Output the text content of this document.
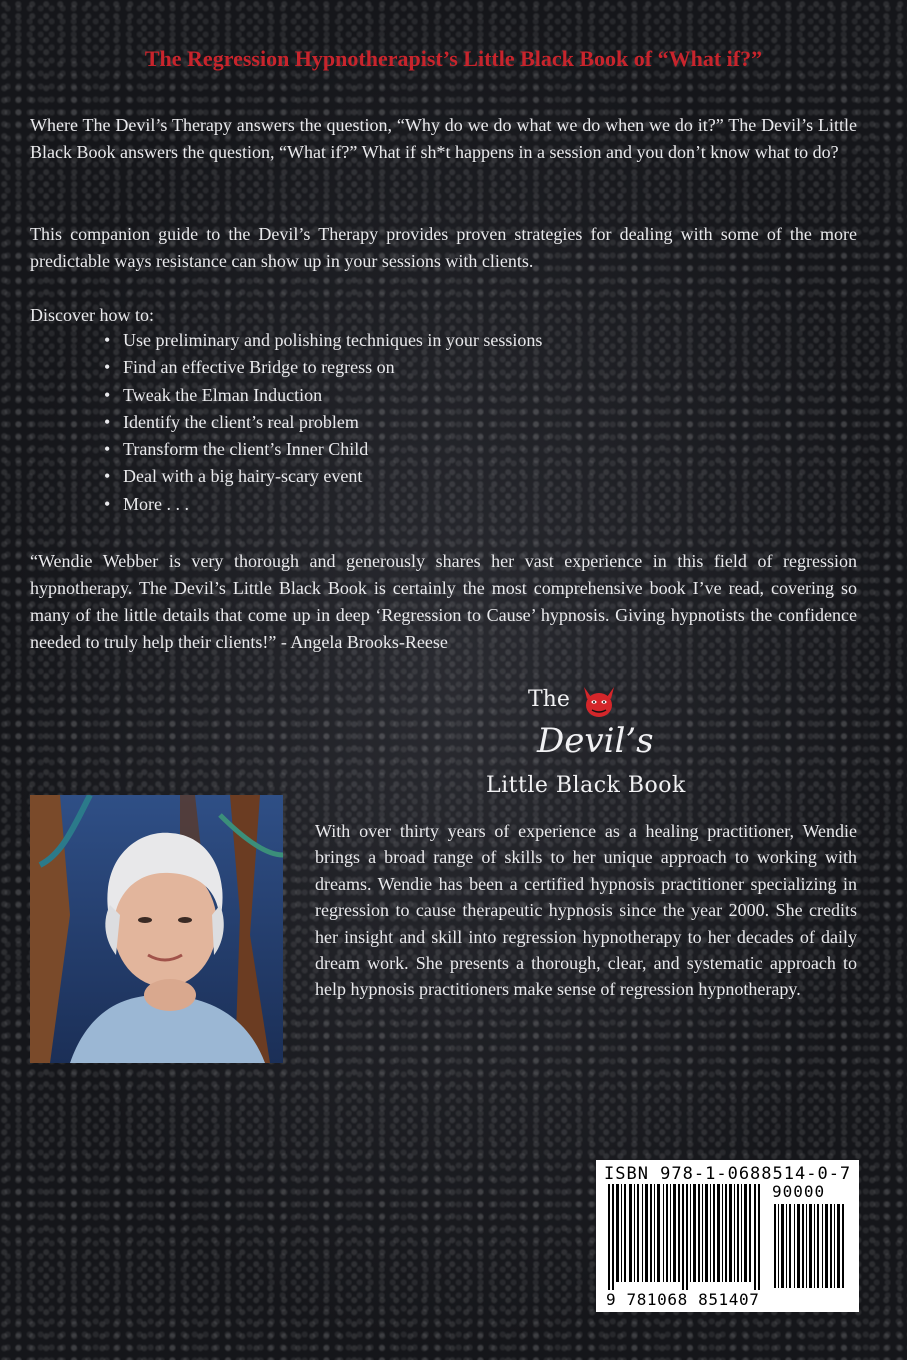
The Regression Hypnotherapist’s Little Black Book of “What if?”

Where The Devil’s Therapy answers the question, “Why do we do what we do when we do it?” The Devil’s Little Black Book answers the question, “What if?” What if sh*t happens in a session and you don’t know what to do?

This companion guide to the Devil’s Therapy provides proven strategies for dealing with some of the more predictable ways resistance can show up in your sessions with clients.

Discover how to:

• Use preliminary and polishing techniques in your sessions
• Find an effective Bridge to regress on
• Tweak the Elman Induction
• Identify the client’s real problem
• Transform the client’s Inner Child
• Deal with a big hairy-scary event
• More . . .

“Wendie Webber is very thorough and generously shares her vast experience in this field of regression hypnotherapy. The Devil’s Little Black Book is certainly the most comprehensive book I’ve read, covering so many of the little details that come up in deep ‘Regression to Cause’ hypnosis. Giving hypnotists the confidence needed to truly help their clients!” - Angela Brooks-Reese

The
Devil’s
Little Black Book

With over thirty years of experience as a healing practitioner, Wendie brings a broad range of skills to her unique approach to working with dreams. Wendie has been a certified hypnosis practitioner specializing in regression to cause therapeutic hypnosis since the year 2000. She credits her insight and skill into regression hypnotherapy to her decades of daily dream work. She presents a thorough, clear, and systematic approach to help hypnosis practitioners make sense of regression hypnotherapy.

ISBN 978-1-0688514-0-7
90000
9 781068 851407
